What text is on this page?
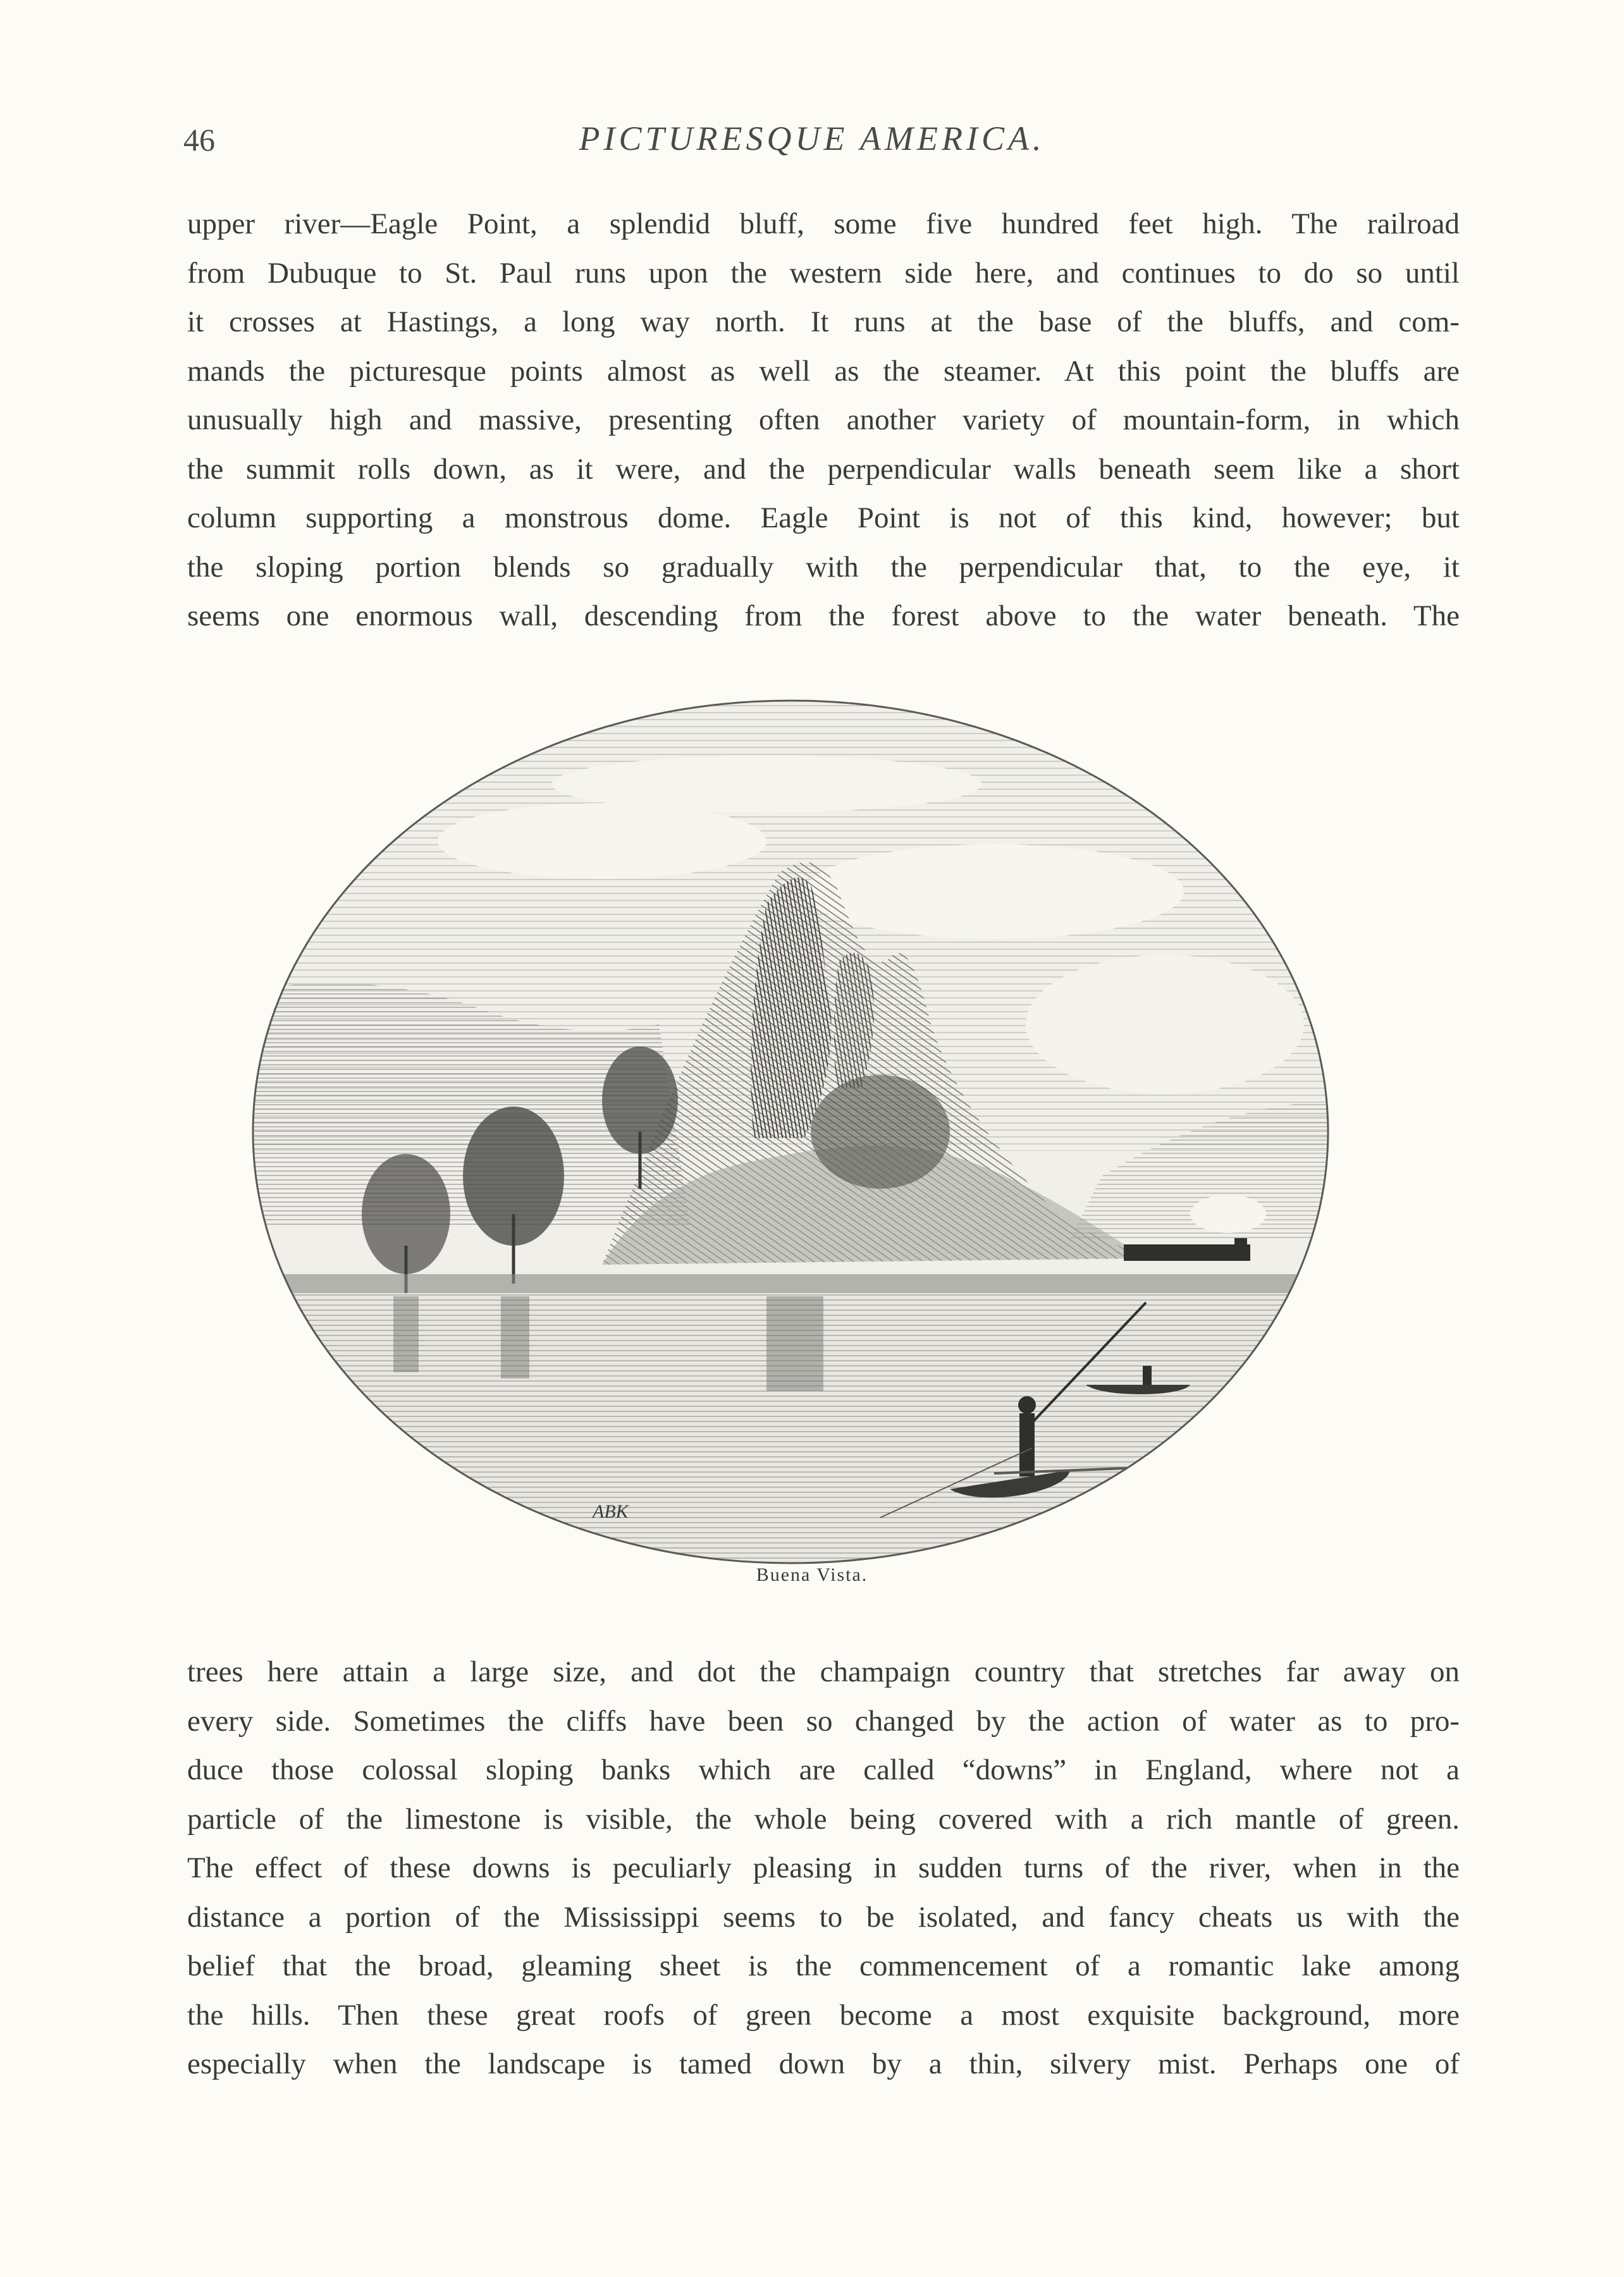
46	PICTURESQUE AMERICA.
upper river—Eagle Point, a splendid bluff, some five hundred feet high. The railroad
from Dubuque to St. Paul runs upon the western side here, and continues to do so until
it crosses at Hastings, a long way north. It runs at the base of the bluffs, and com-
mands the picturesque points almost as well as the steamer. At this point the bluffs are
unusually high and massive, presenting often another variety of mountain-form, in which
the summit rolls down, as it were, and the perpendicular walls beneath seem like a short
column supporting a monstrous dome. Eagle Point is not of this kind, however; but
the sloping portion blends so gradually with the perpendicular that, to the eye, it
seems one enormous wall, descending from the forest above to the water beneath. The
ABK
Buena Vista.
trees here attain a large size, and dot the champaign country that stretches far away on
every side. Sometimes the cliffs have been so changed by the action of water as to pro-
duce those colossal sloping banks which are called “downs” in England, where not a
particle of the limestone is visible, the whole being covered with a rich mantle of green.
The effect of these downs is peculiarly pleasing in sudden turns of the river, when in the
distance a portion of the Mississippi seems to be isolated, and fancy cheats us with the
belief that the broad, gleaming sheet is the commencement of a romantic lake among
the hills. Then these great roofs of green become a most exquisite background, more
especially when the landscape is tamed down by a thin, silvery mist. Perhaps one of
